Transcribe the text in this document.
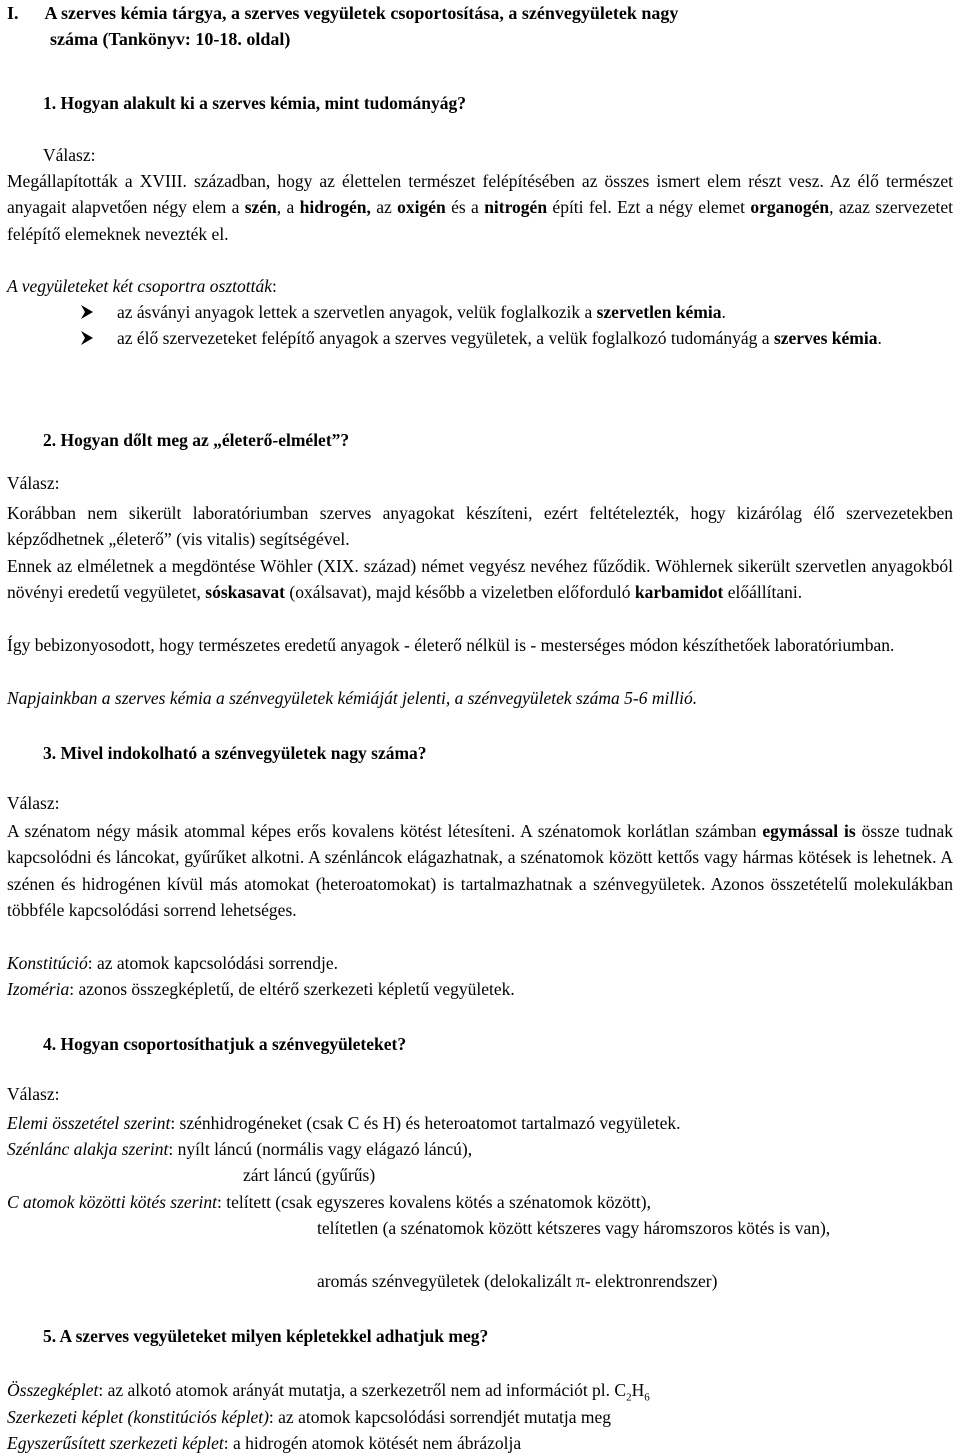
I. A szerves kémia tárgya, a szerves vegyületek csoportosítása, a szénvegyületek nagy
száma (Tankönyv: 10-18. oldal)
1. Hogyan alakult ki a szerves kémia, mint tudományág?
Válasz:
Megállapították a XVIII. században, hogy az élettelen természet felépítésében az összes ismert elem részt vesz. Az élő természet anyagait alapvetően négy elem a szén, a hidrogén, az oxigén és a nitrogén építi fel. Ezt a négy elemet organogén, azaz szervezetet felépítő elemeknek nevezték el.
A vegyületeket két csoportra osztották:
az ásványi anyagok lettek a szervetlen anyagok, velük foglalkozik a szervetlen kémia.
az élő szervezeteket felépítő anyagok a szerves vegyületek, a velük foglalkozó tudományág a szerves kémia.
2. Hogyan dőlt meg az „életerő-elmélet”?
Válasz:
Korábban nem sikerült laboratóriumban szerves anyagokat készíteni, ezért feltételezték, hogy kizárólag élő szervezetekben képződhetnek „életerő” (vis vitalis) segítségével.
Ennek az elméletnek a megdöntése Wöhler (XIX. század) német vegyész nevéhez fűződik. Wöhlernek sikerült szervetlen anyagokból növényi eredetű vegyületet, sóskasavat (oxálsavat), majd később a vizeletben előforduló karbamidot előállítani.
Így bebizonyosodott, hogy természetes eredetű anyagok - életerő nélkül is - mesterséges módon készíthetőek laboratóriumban.
Napjainkban a szerves kémia a szénvegyületek kémiáját jelenti, a szénvegyületek száma 5-6 millió.
3. Mivel indokolható a szénvegyületek nagy száma?
Válasz:
A szénatom négy másik atommal képes erős kovalens kötést létesíteni. A szénatomok korlátlan számban egymással is össze tudnak kapcsolódni és láncokat, gyűrűket alkotni. A szénláncok elágazhatnak, a szénatomok között kettős vagy hármas kötések is lehetnek. A szénen és hidrogénen kívül más atomokat (heteroatomokat) is tartalmazhatnak a szénvegyületek. Azonos összetételű molekulákban többféle kapcsolódási sorrend lehetséges.
Konstitúció: az atomok kapcsolódási sorrendje.
Izoméria: azonos összegképletű, de eltérő szerkezeti képletű vegyületek.
4. Hogyan csoportosíthatjuk a szénvegyületeket?
Válasz:
Elemi összetétel szerint: szénhidrogéneket (csak C és H) és heteroatomot tartalmazó vegyületek.
Szénlánc alakja szerint: nyílt láncú (normális vagy elágazó láncú),
zárt láncú (gyűrűs)
C atomok közötti kötés szerint: telített (csak egyszeres kovalens kötés a szénatomok között),
telítetlen (a szénatomok között kétszeres vagy háromszoros kötés is van),
aromás szénvegyületek (delokalizált π- elektronrendszer)
5. A szerves vegyületeket milyen képletekkel adhatjuk meg?
Összegképlet: az alkotó atomok arányát mutatja, a szerkezetről nem ad információt pl. $C_2H_6$
Szerkezeti képlet (konstitúciós képlet): az atomok kapcsolódási sorrendjét mutatja meg
Egyszerűsített szerkezeti képlet: a hidrogén atomok kötését nem ábrázolja
